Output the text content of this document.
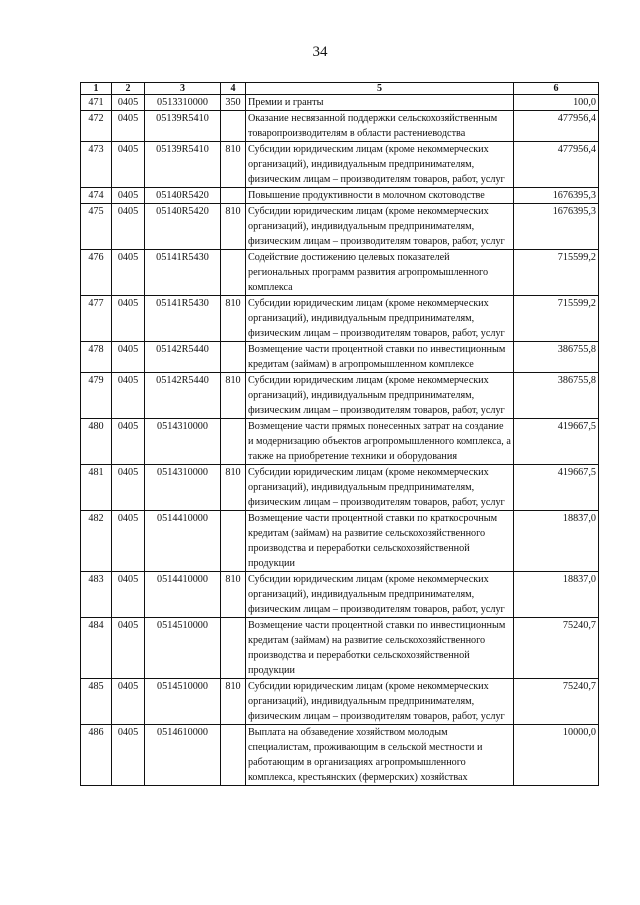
34
1	2	3	4	5	6
471	0405	0513310000	350	Премии и гранты	100,0
472	0405	05139R5410		Оказание несвязанной поддержки сельскохозяйственным товаропроизводителям в области растениеводства	477956,4
473	0405	05139R5410	810	Субсидии юридическим лицам (кроме некоммерческих организаций), индивидуальным предпринимателям, физическим лицам – производителям товаров, работ, услуг	477956,4
474	0405	05140R5420		Повышение продуктивности в молочном скотоводстве	1676395,3
475	0405	05140R5420	810	Субсидии юридическим лицам (кроме некоммерческих организаций), индивидуальным предпринимателям, физическим лицам – производителям товаров, работ, услуг	1676395,3
476	0405	05141R5430		Содействие достижению целевых показателей региональных программ развития агропромышленного комплекса	715599,2
477	0405	05141R5430	810	Субсидии юридическим лицам (кроме некоммерческих организаций), индивидуальным предпринимателям, физическим лицам – производителям товаров, работ, услуг	715599,2
478	0405	05142R5440		Возмещение части процентной ставки по инвестиционным кредитам (займам) в агропромышленном комплексе	386755,8
479	0405	05142R5440	810	Субсидии юридическим лицам (кроме некоммерческих организаций), индивидуальным предпринимателям, физическим лицам – производителям товаров, работ, услуг	386755,8
480	0405	0514310000		Возмещение части прямых понесенных затрат на создание и модернизацию объектов агропромышленного комплекса, а также на приобретение техники и оборудования	419667,5
481	0405	0514310000	810	Субсидии юридическим лицам (кроме некоммерческих организаций), индивидуальным предпринимателям, физическим лицам – производителям товаров, работ, услуг	419667,5
482	0405	0514410000		Возмещение части процентной ставки по краткосрочным кредитам (займам) на развитие сельскохозяйственного производства и переработки сельскохозяйственной продукции	18837,0
483	0405	0514410000	810	Субсидии юридическим лицам (кроме некоммерческих организаций), индивидуальным предпринимателям, физическим лицам – производителям товаров, работ, услуг	18837,0
484	0405	0514510000		Возмещение части процентной ставки по инвестиционным кредитам (займам) на развитие сельскохозяйственного производства и переработки сельскохозяйственной продукции	75240,7
485	0405	0514510000	810	Субсидии юридическим лицам (кроме некоммерческих организаций), индивидуальным предпринимателям, физическим лицам – производителям товаров, работ, услуг	75240,7
486	0405	0514610000		Выплата на обзаведение хозяйством молодым специалистам, проживающим в сельской местности и работающим в организациях агропромышленного комплекса, крестьянских (фермерских) хозяйствах	10000,0
